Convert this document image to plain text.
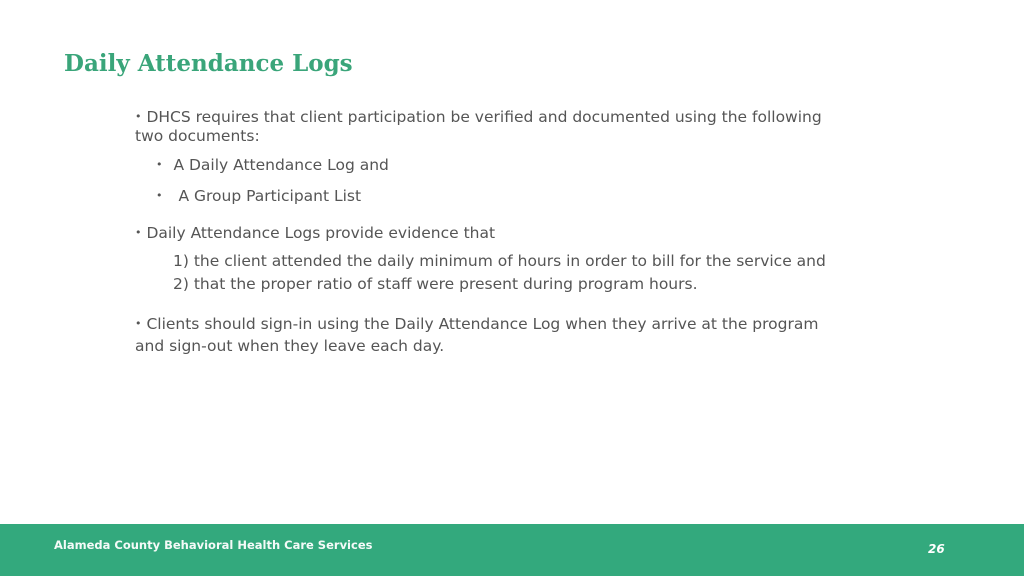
Daily Attendance Logs
• DHCS requires that client participation be verified and documented using the following
two documents:
• A Daily Attendance Log and
• A Group Participant List
• Daily Attendance Logs provide evidence that
1) the client attended the daily minimum of hours in order to bill for the service and
2) that the proper ratio of staff were present during program hours.
• Clients should sign-in using the Daily Attendance Log when they arrive at the program
and sign-out when they leave each day.
Alameda County Behavioral Health Care Services	26
